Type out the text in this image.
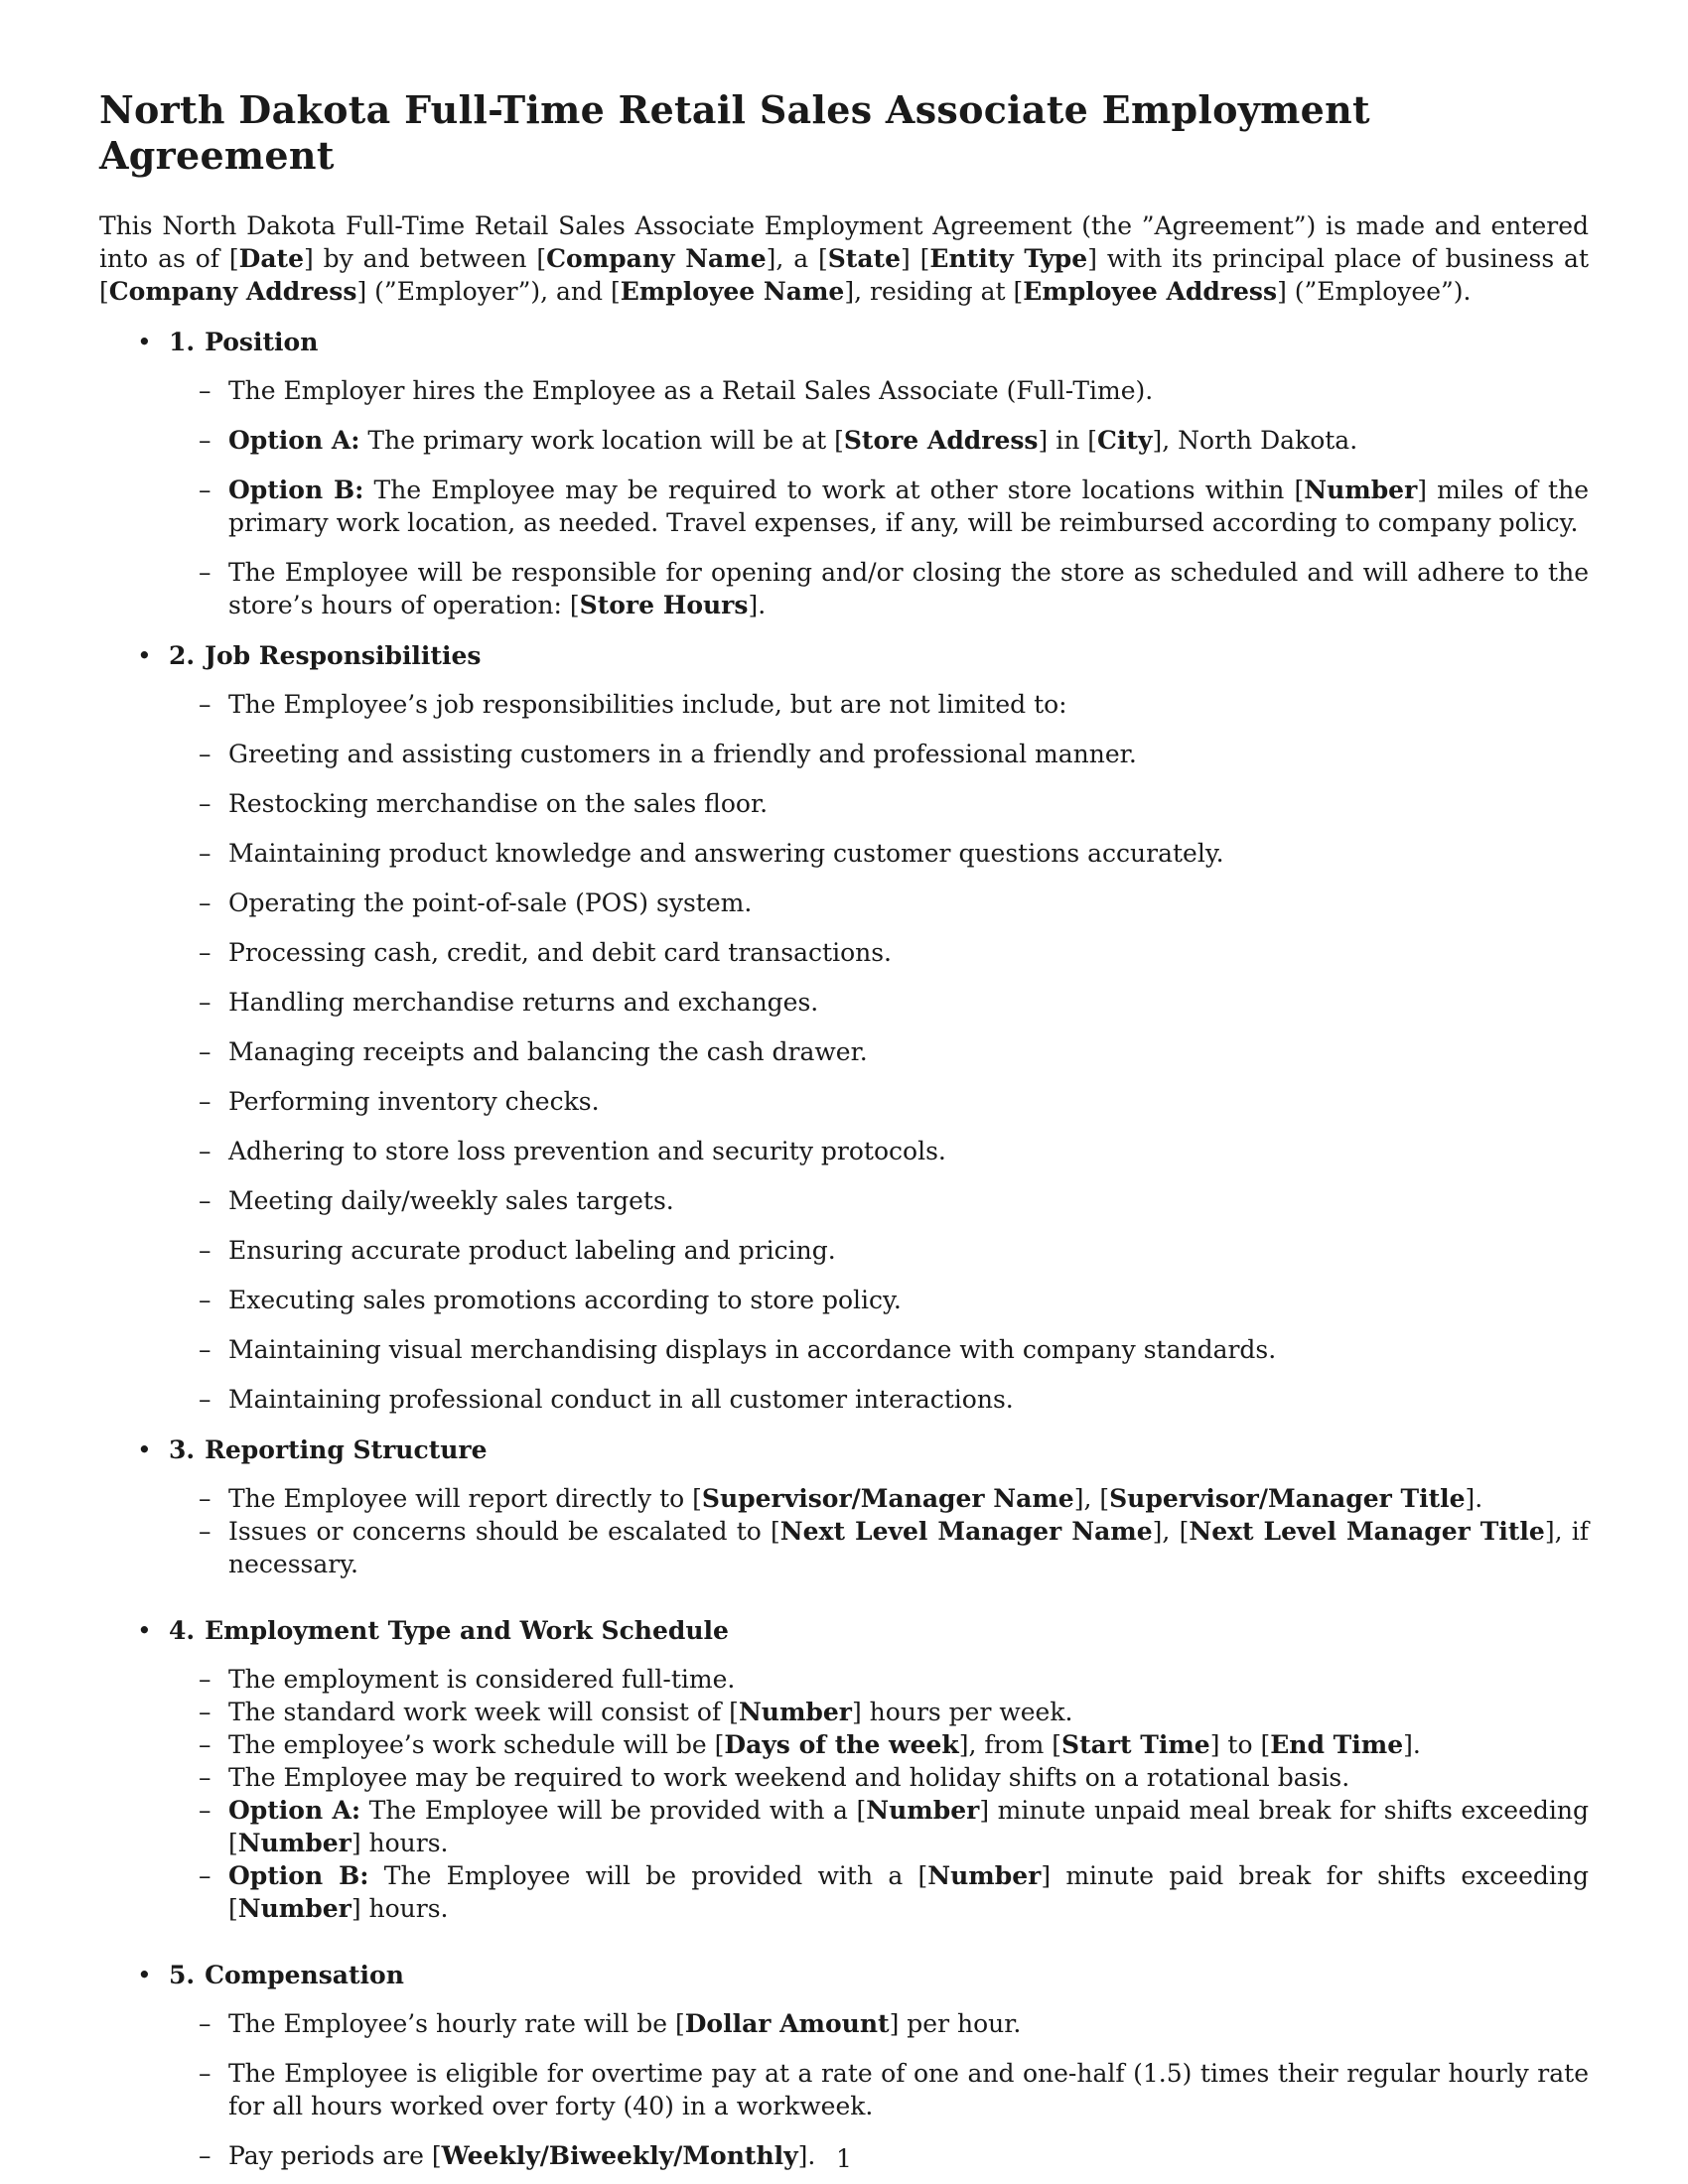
North Dakota Full-Time Retail Sales Associate Employment Agreement

This North Dakota Full-Time Retail Sales Associate Employment Agreement (the ”Agreement”) is made and entered into as of [Date] by and between [Company Name], a [State] [Entity Type] with its principal place of business at [Company Address] (”Employer”), and [Employee Name], residing at [Employee Address] (”Employee”).

• 1. Position
– The Employer hires the Employee as a Retail Sales Associate (Full-Time).
– Option A: The primary work location will be at [Store Address] in [City], North Dakota.
– Option B: The Employee may be required to work at other store locations within [Number] miles of the primary work location, as needed. Travel expenses, if any, will be reimbursed according to company policy.
– The Employee will be responsible for opening and/or closing the store as scheduled and will adhere to the store’s hours of operation: [Store Hours].
• 2. Job Responsibilities
– The Employee’s job responsibilities include, but are not limited to:
– Greeting and assisting customers in a friendly and professional manner.
– Restocking merchandise on the sales floor.
– Maintaining product knowledge and answering customer questions accurately.
– Operating the point-of-sale (POS) system.
– Processing cash, credit, and debit card transactions.
– Handling merchandise returns and exchanges.
– Managing receipts and balancing the cash drawer.
– Performing inventory checks.
– Adhering to store loss prevention and security protocols.
– Meeting daily/weekly sales targets.
– Ensuring accurate product labeling and pricing.
– Executing sales promotions according to store policy.
– Maintaining visual merchandising displays in accordance with company standards.
– Maintaining professional conduct in all customer interactions.
• 3. Reporting Structure
– The Employee will report directly to [Supervisor/Manager Name], [Supervisor/Manager Title].
– Issues or concerns should be escalated to [Next Level Manager Name], [Next Level Manager Title], if necessary.
• 4. Employment Type and Work Schedule
– The employment is considered full-time.
– The standard work week will consist of [Number] hours per week.
– The employee’s work schedule will be [Days of the week], from [Start Time] to [End Time].
– The Employee may be required to work weekend and holiday shifts on a rotational basis.
– Option A: The Employee will be provided with a [Number] minute unpaid meal break for shifts exceeding [Number] hours.
– Option B: The Employee will be provided with a [Number] minute paid break for shifts exceeding [Number] hours.
• 5. Compensation
– The Employee’s hourly rate will be [Dollar Amount] per hour.
– The Employee is eligible for overtime pay at a rate of one and one-half (1.5) times their regular hourly rate for all hours worked over forty (40) in a workweek.
– Pay periods are [Weekly/Biweekly/Monthly]. 1
